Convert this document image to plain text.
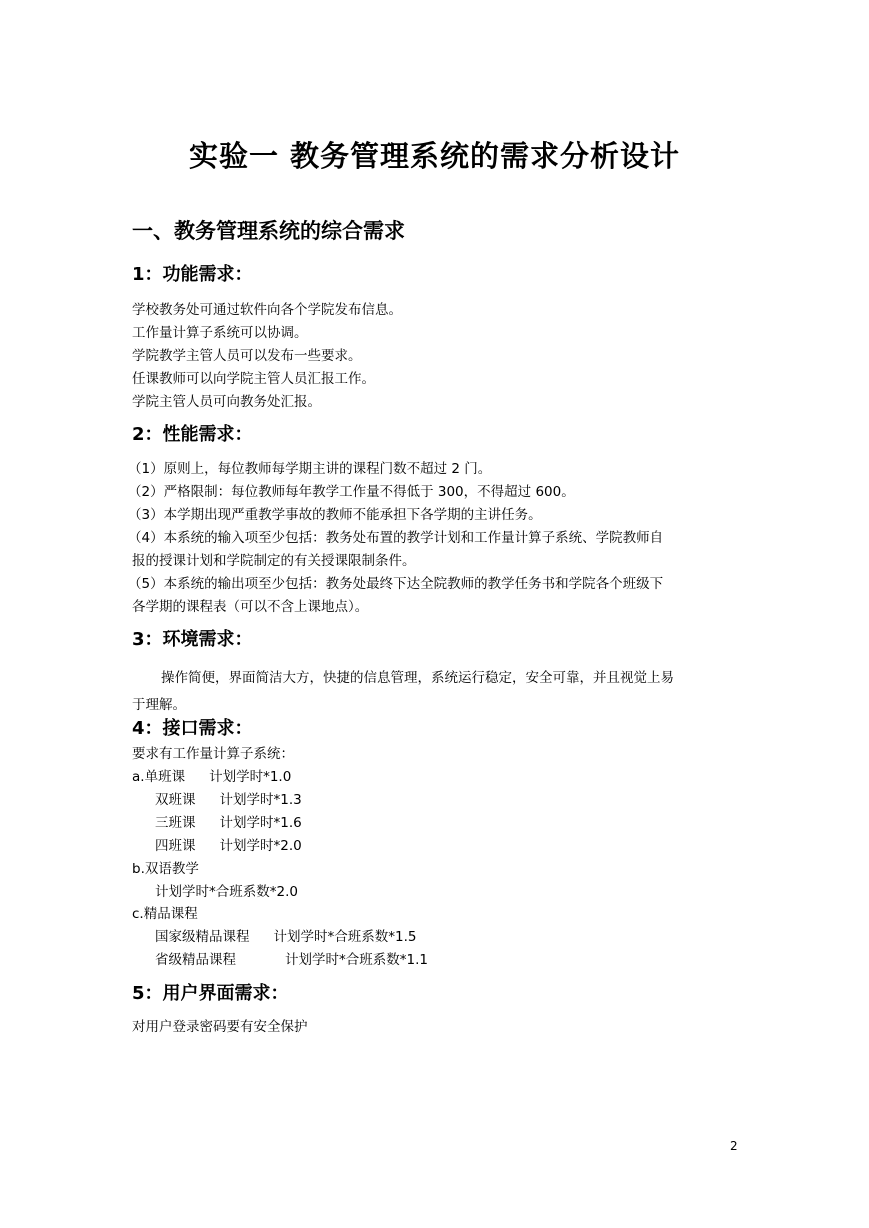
实验一 教务管理系统的需求分析设计
一、教务管理系统的综合需求
1：功能需求：
学校教务处可通过软件向各个学院发布信息。
工作量计算子系统可以协调。
学院教学主管人员可以发布一些要求。
任课教师可以向学院主管人员汇报工作。
学院主管人员可向教务处汇报。
2：性能需求：
（1）原则上，每位教师每学期主讲的课程门数不超过 2 门。
（2）严格限制：每位教师每年教学工作量不得低于 300，不得超过 600。
（3）本学期出现严重教学事故的教师不能承担下各学期的主讲任务。
（4）本系统的输入项至少包括：教务处布置的教学计划和工作量计算子系统、学院教师自
报的授课计划和学院制定的有关授课限制条件。
（5）本系统的输出项至少包括：教务处最终下达全院教师的教学任务书和学院各个班级下
各学期的课程表（可以不含上课地点）。
3：环境需求：
操作简便，界面简洁大方，快捷的信息管理，系统运行稳定，安全可靠，并且视觉上易
于理解。
4：接口需求：
要求有工作量计算子系统：
a.单班课 计划学时*1.0
双班课 计划学时*1.3
三班课 计划学时*1.6
四班课 计划学时*2.0
b.双语教学
计划学时*合班系数*2.0
c.精品课程
国家级精品课程 计划学时*合班系数*1.5
省级精品课程	计划学时*合班系数*1.1
5：用户界面需求：
对用户登录密码要有安全保护
2
